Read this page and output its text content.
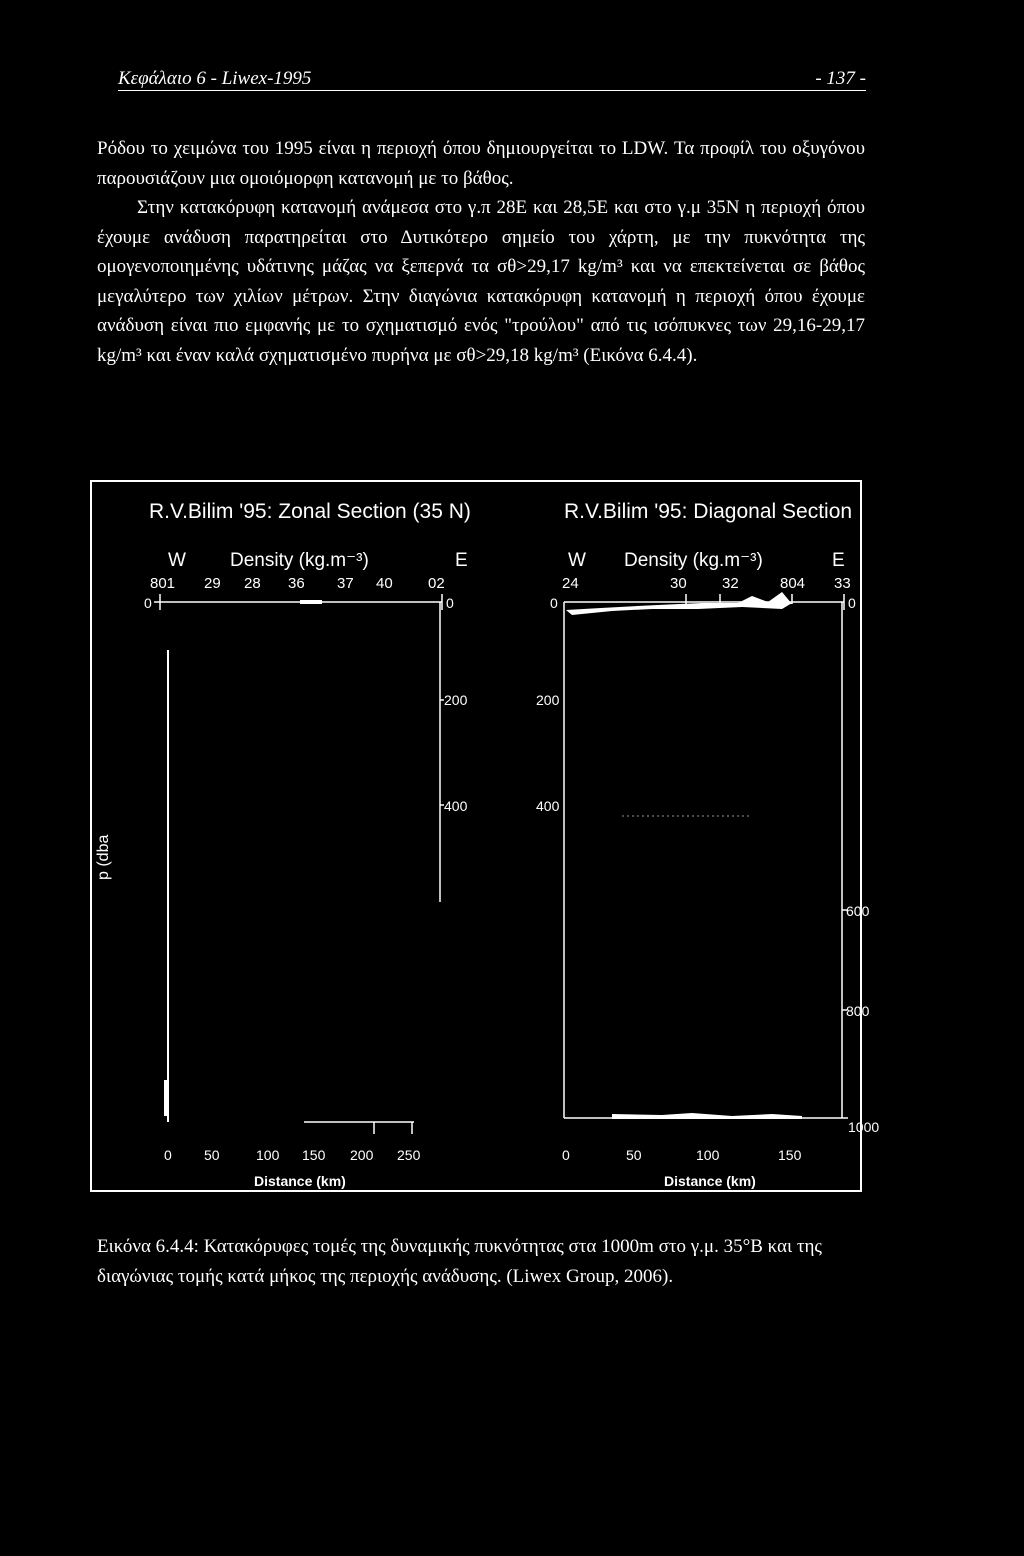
Κεφάλαιο 6 - Liwex-1995	- 137 -

Ρόδου το χειμώνα του 1995 είναι η περιοχή όπου δημιουργείται το LDW. Τα προφίλ του οξυγόνου παρουσιάζουν μια ομοιόμορφη κατανομή με το βάθος.
Στην κατακόρυφη κατανομή ανάμεσα στο γ.π 28Ε και 28,5Ε και στο γ.μ 35Ν η περιοχή όπου έχουμε ανάδυση παρατηρείται στο Δυτικότερο σημείο του χάρτη, με την πυκνότητα της ομογενοποιημένης υδάτινης μάζας να ξεπερνά τα σθ>29,17 kg/m³ και να επεκτείνεται σε βάθος μεγαλύτερο των χιλίων μέτρων. Στην διαγώνια κατακόρυφη κατανομή η περιοχή όπου έχουμε ανάδυση είναι πιο εμφανής με το σχηματισμό ενός "τρούλου" από τις ισόπυκνες των 29,16-29,17 kg/m³ και έναν καλά σχηματισμένο πυρήνα με σθ>29,18 kg/m³ (Εικόνα 6.4.4).

R.V.Bilim '95: Zonal Section (35 N)
W Density (kg.m⁻³)	E
801 29 28 36 37 40 02
0	0
200
400
0 50	100 150 200 250
Distance (km)
p (dba
R.V.Bilim '95: Diagonal Section
W Density (kg.m⁻³)	E
24	30 32	804 33
0
200
400
0
600
800
1000
0	50	100	150
Distance (km)

Εικόνα 6.4.4: Κατακόρυφες τομές της δυναμικής πυκνότητας στα 1000m στο γ.μ. 35°Β και της διαγώνιας τομής κατά μήκος της περιοχής ανάδυσης. (Liwex Group, 2006).
